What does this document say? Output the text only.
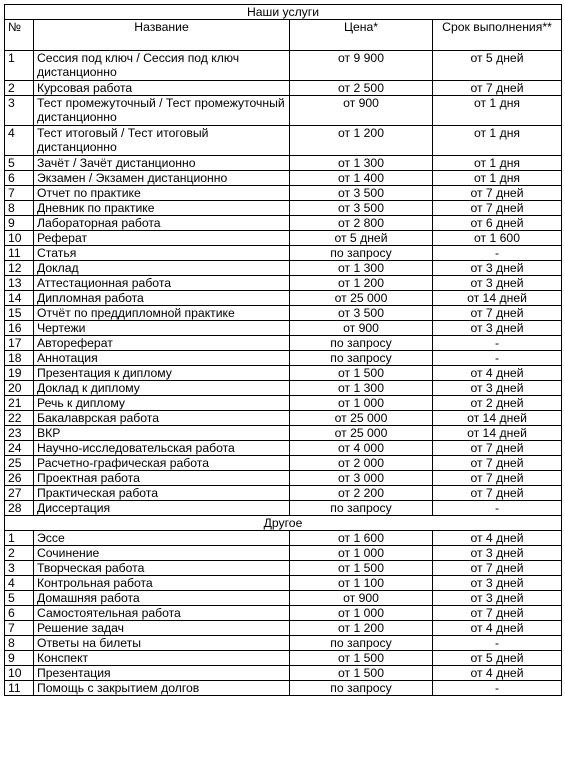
Наши услуги			
№	Название	Цена*	Срок выполнения**
1	Сессия под ключ / Сессия под ключ дистанционно	от 9 900	от 5 дней
2	Курсовая работа	от 2 500	от 7 дней
3	Тест промежуточный / Тест промежуточный дистанционно	от 900	от 1 дня
4	Тест итоговый / Тест итоговый дистанционно	от 1 200	от 1 дня
5	Зачёт / Зачёт дистанционно	от 1 300	от 1 дня
6	Экзамен / Экзамен дистанционно	от 1 400	от 1 дня
7	Отчет по практике	от 3 500	от 7 дней
8	Дневник по практике	от 3 500	от 7 дней
9	Лабораторная работа	от 2 800	от 6 дней
10	Реферат	от 5 дней	от 1 600
11	Статья	по запросу	-
12	Доклад	от 1 300	от 3 дней
13	Аттестационная работа	от 1 200	от 3 дней
14	Дипломная работа	от 25 000	от 14 дней
15	Отчёт по преддипломной практике	от 3 500	от 7 дней
16	Чертежи	от 900	от 3 дней
17	Автореферат	по запросу	-
18	Аннотация	по запросу	-
19	Презентация к диплому	от 1 500	от 4 дней
20	Доклад к диплому	от 1 300	от 3 дней
21	Речь к диплому	от 1 000	от 2 дней
22	Бакалаврская работа	от 25 000	от 14 дней
23	ВКР	от 25 000	от 14 дней
24	Научно-исследовательская работа	от 4 000	от 7 дней
25	Расчетно-графическая работа	от 2 000	от 7 дней
26	Проектная работа	от 3 000	от 7 дней
27	Практическая работа	от 2 200	от 7 дней
28	Диссертация	по запросу	-
Другое			
1	Эссе	от 1 600	от 4 дней
2	Сочинение	от 1 000	от 3 дней
3	Творческая работа	от 1 500	от 7 дней
4	Контрольная работа	от 1 100	от 3 дней
5	Домашняя работа	от 900	от 3 дней
6	Самостоятельная работа	от 1 000	от 7 дней
7	Решение задач	от 1 200	от 4 дней
8	Ответы на билеты	по запросу	-
9	Конспект	от 1 500	от 5 дней
10	Презентация	от 1 500	от 4 дней
11	Помощь с закрытием долгов	по запросу	-
